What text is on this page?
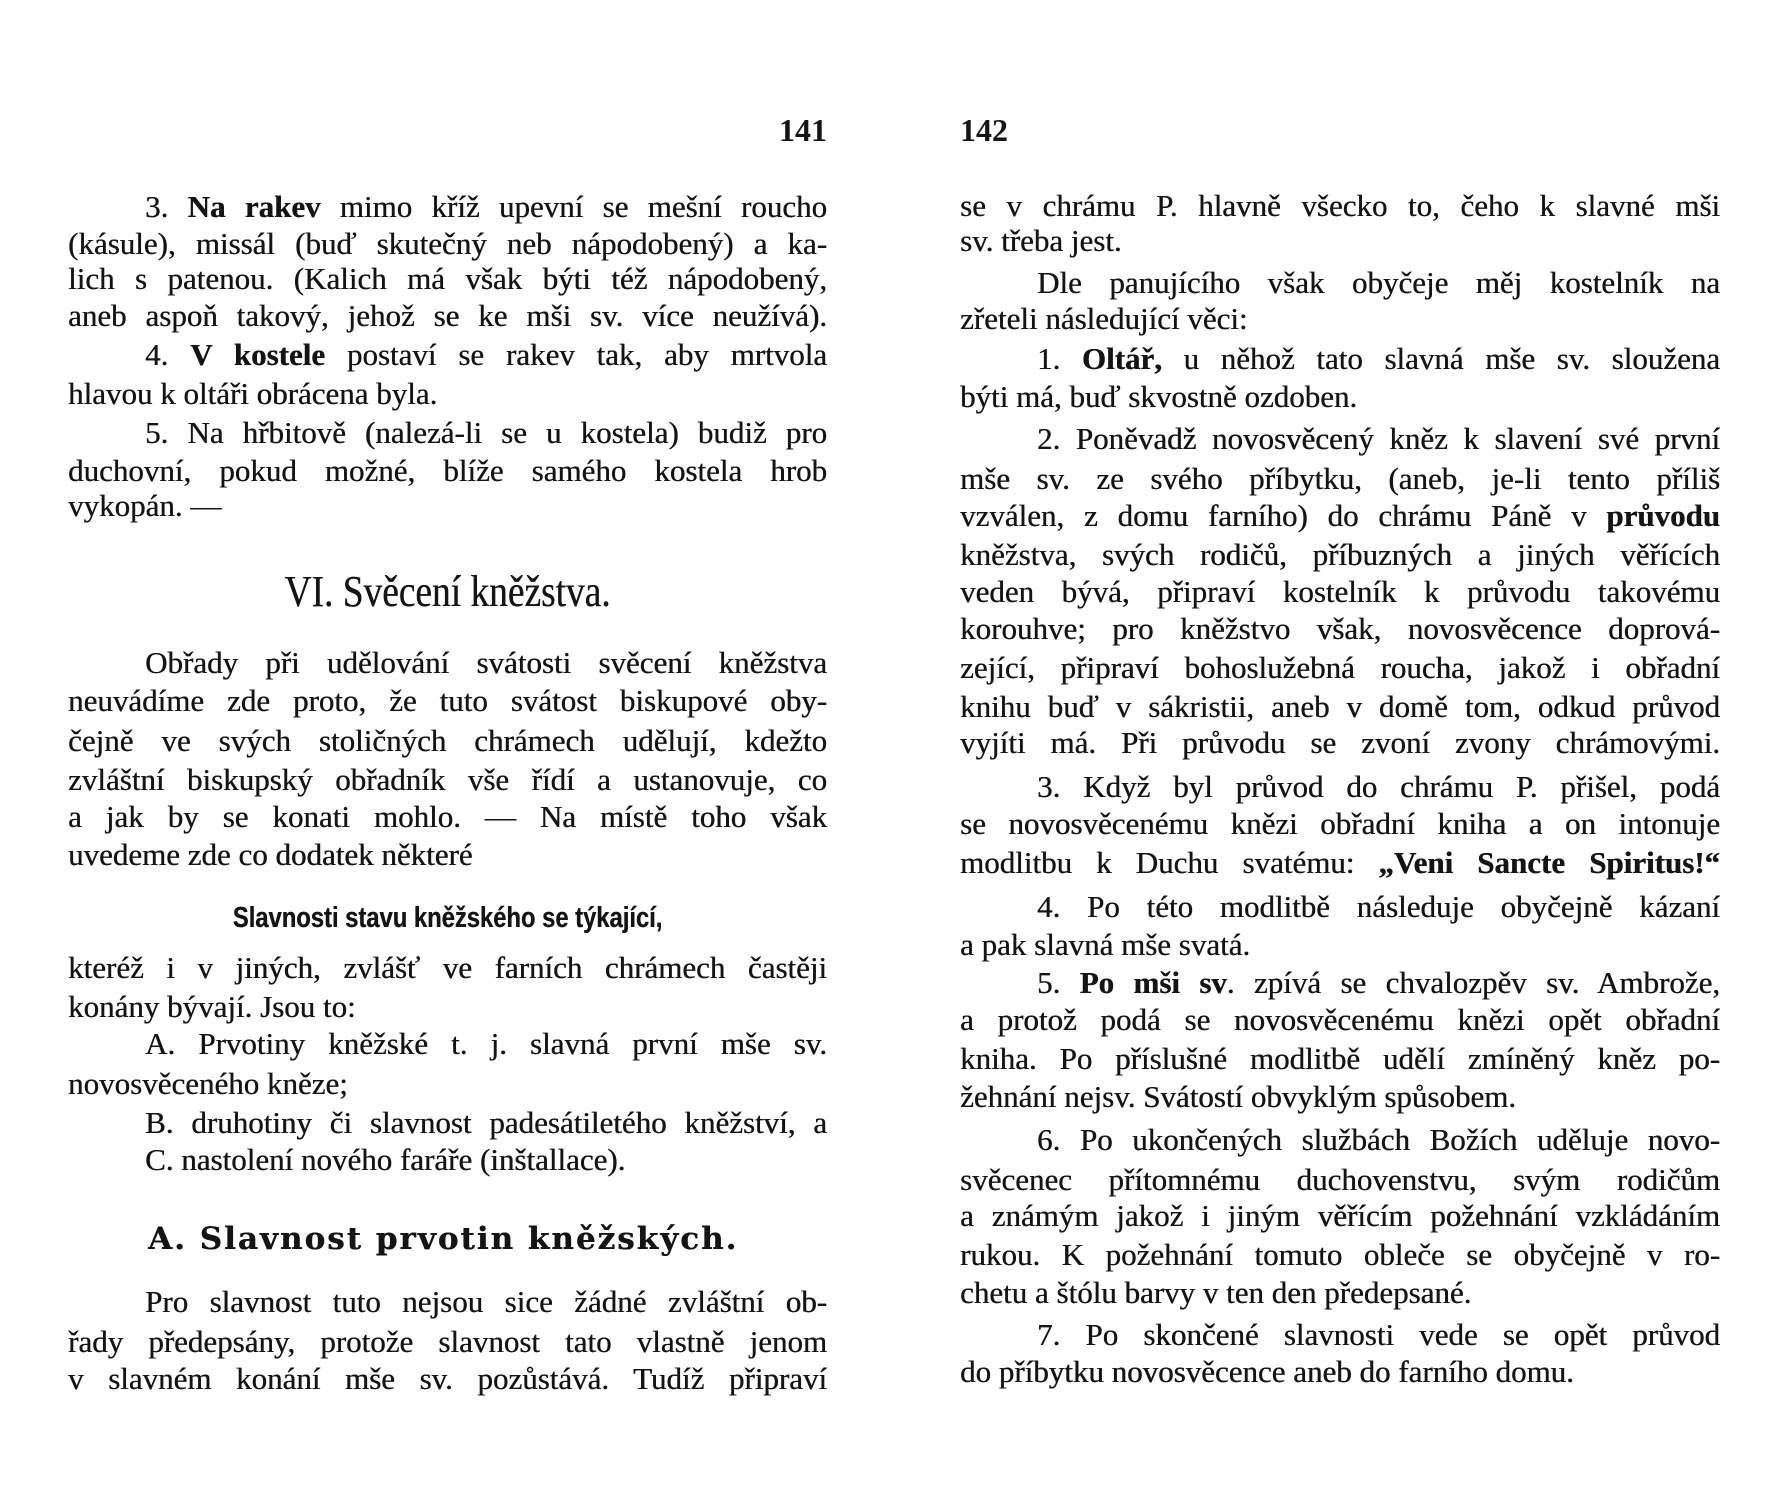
141
3. Na rakev mimo kříž upevní se mešní roucho
(kásule), missál (buď skutečný neb nápodobený) a ka-
lich s patenou. (Kalich má však býti též nápodobený,
aneb aspoň takový, jehož se ke mši sv. více neužívá).
4. V kostele postaví se rakev tak, aby mrtvola
hlavou k oltáři obrácena byla.
5. Na hřbitově (nalezá-li se u kostela) budiž pro
duchovní, pokud možné, blíže samého kostela hrob
vykopán. —
VI. Svěcení kněžstva.
Obřady při udělování svátosti svěcení kněžstva
neuvádíme zde proto, že tuto svátost biskupové oby-
čejně ve svých stoličných chrámech udělují, kdežto
zvláštní biskupský obřadník vše řídí a ustanovuje, co
a jak by se konati mohlo. — Na místě toho však
uvedeme zde co dodatek některé
Slavnosti stavu kněžského se týkající,
kteréž i v jiných, zvlášť ve farních chrámech častěji
konány bývají. Jsou to:
A. Prvotiny kněžské t. j. slavná první mše sv.
novosvěceného kněze;
B. druhotiny či slavnost padesátiletého kněžství, a
C. nastolení nového faráře (inštallace).
A. Slavnost prvotin kněžských.
Pro slavnost tuto nejsou sice žádné zvláštní ob-
řady předepsány, protože slavnost tato vlastně jenom
v slavném konání mše sv. pozůstává. Tudíž připraví
142
se v chrámu P. hlavně všecko to, čeho k slavné mši
sv. třeba jest.
Dle panujícího však obyčeje měj kostelník na
zřeteli následující věci:
1. Oltář, u něhož tato slavná mše sv. sloužena
býti má, buď skvostně ozdoben.
2. Poněvadž novosvěcený kněz k slavení své první
mše sv. ze svého příbytku, (aneb, je-li tento příliš
vzválen, z domu farního) do chrámu Páně v průvodu
kněžstva, svých rodičů, příbuzných a jiných věřících
veden bývá, připraví kostelník k průvodu takovému
korouhve; pro kněžstvo však, novosvěcence doprová-
zející, připraví bohoslužebná roucha, jakož i obřadní
knihu buď v sákristii, aneb v domě tom, odkud průvod
vyjíti má. Při průvodu se zvoní zvony chrámovými.
3. Když byl průvod do chrámu P. přišel, podá
se novosvěcenému knězi obřadní kniha a on intonuje
modlitbu k Duchu svatému: „Veni Sancte Spiritus!“
4. Po této modlitbě následuje obyčejně kázaní
a pak slavná mše svatá.
5. Po mši sv. zpívá se chvalozpěv sv. Ambrože,
a protož podá se novosvěcenému knězi opět obřadní
kniha. Po příslušné modlitbě udělí zmíněný kněz po-
žehnání nejsv. Svátostí obvyklým spůsobem.
6. Po ukončených službách Božích uděluje novo-
svěcenec přítomnému duchovenstvu, svým rodičům
a známým jakož i jiným věřícím požehnání vzkládáním
rukou. K požehnání tomuto obleče se obyčejně v ro-
chetu a štólu barvy v ten den předepsané.
7. Po skončené slavnosti vede se opět průvod
do příbytku novosvěcence aneb do farního domu.
